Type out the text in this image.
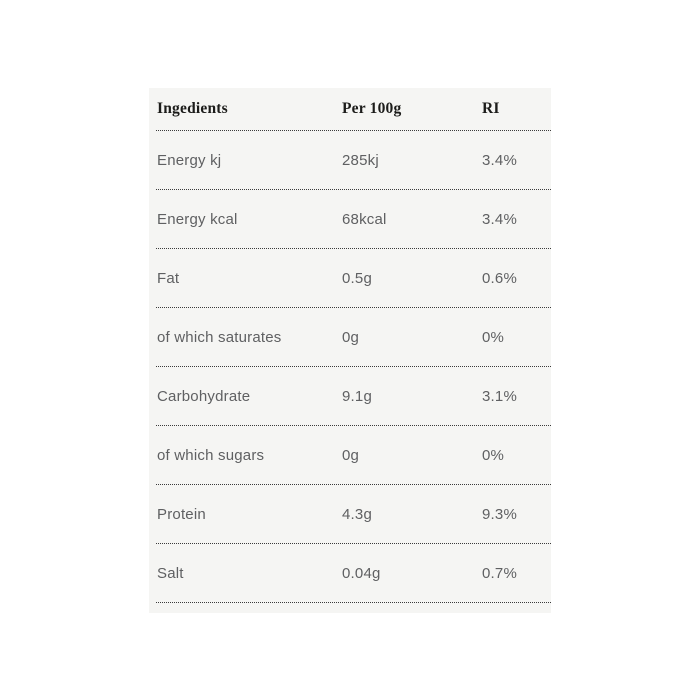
Ingedients	Per 100g	RI
Energy kj	285kj	3.4%
Energy kcal	68kcal	3.4%
Fat	0.5g	0.6%
of which saturates	0g	0%
Carbohydrate	9.1g	3.1%
of which sugars	0g	0%
Protein	4.3g	9.3%
Salt	0.04g	0.7%
